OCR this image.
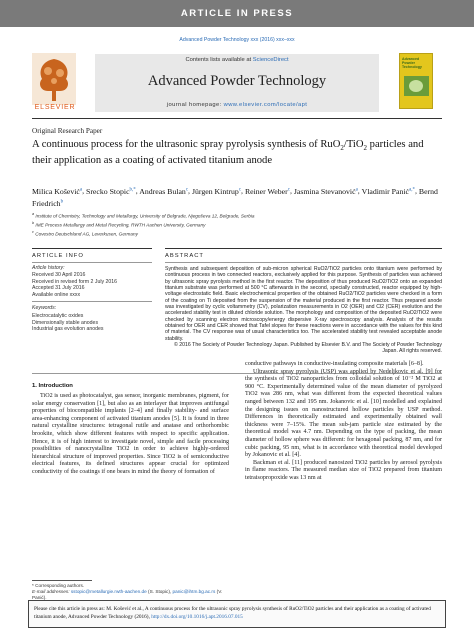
ARTICLE IN PRESS
Advanced Powder Technology xxx (2016) xxx–xxx
ELSEVIER
Contents lists available at ScienceDirect
Advanced Powder Technology
journal homepage: www.elsevier.com/locate/apt
Advanced Powder Technology
Original Research Paper
A continuous process for the ultrasonic spray pyrolysis synthesis of RuO$_2$/TiO$_2$ particles and their application as a coating of activated titanium anode
Milica Košević$^a$, Srecko Stopic$^{b,*}$, Andreas Bulan$^c$, Jürgen Kintrup$^c$, Reiner Weber$^c$, Jasmina Stevanović$^a$, Vladimir Panić$^{a,*}$, Bernd Friedrich$^b$
$^a$ Institute of Chemistry, Technology and Metallurgy, University of Belgrade, Njegoševa 12, Belgrade, Serbia
$^b$ IME Process Metallurgy and Metal Recycling, RWTH Aachen University, Germany
$^c$ Covestro Deutschland AG, Leverkusen, Germany
ARTICLE INFO	ABSTRACT
Article history:
Received 30 April 2016
Received in revised form 2 July 2016
Accepted 31 July 2016
Available online xxxx
Keywords:
Electrocatalytic oxides
Dimensionally stable anodes
Industrial gas evolution anodes

Synthesis and subsequent deposition of sub-micron spherical RuO2/TiO2 particles onto titanium were performed by continuous process in two connected reactors, exclusively applied for this purpose. Synthesis of particles was achieved by ultrasonic spray pyrolysis method in the first reactor. The deposition of thus produced RuO2/TiO2 onto an expanded titanium substrate was performed at 500 °C afterwards in the second, specially constructed, reactor equipped by high-voltage electrostatic field. Basic electrochemical properties of the obtained RuO2/TiO2 particles were checked in a form of the coating on Ti deposited from the suspension of the material produced in the first reactor. Thus prepared anode was investigated by cyclic voltammetry (CV), polarization measurements in O2 (OER) and Cl2 (CER) evolution and the accelerated stability test in diluted chloride solution. The morphology and composition of the deposited RuO2/TiO2 were checked by scanning electron microscopy/energy dispersive X-ray spectroscopy analysis. Analysis of the results obtained for OER and CER showed that Tafel slopes for these reactions were in accordance with the values for this kind of material. The CV response was of usual characteristics too. The accelerated stability test revealed acceptable anode stability.

© 2016 The Society of Powder Technology Japan. Published by Elsevier B.V. and The Society of Powder Technology Japan. All rights reserved.

1. Introduction

TiO2 is used as photocatalyst, gas sensor, inorganic membranes, pigment, for solar energy conservation [1], but also as an interlayer that improves antifungal properties of biocompatible implants [2–4] and finally stability- and surface area-enhancing component of activated titanium anodes [5]. It is found in three natural crystalline structures: tetragonal rutile and anatase and orthorhombic brookite, which show different features with respect to specific application. Hence, it is of high interest to investigate novel, simple and facile processing possibilities of nanocrystalline TiO2 in order to achieve highly-ordered hierarchical structure of improved properties. Since TiO2 is of semiconductive electrical features, its defined structures appear crucial for optimized conductivity of the coatings if one bears in mind the theory of formation of

conductive pathways in conductive-insulating composite materials [6–8].

Ultrasonic spray pyrolysis (USP) was applied by Nedeljkovic et al. [9] for the synthesis of TiO2 nanoparticles from colloidal solution of 10⁻² M TiO2 at 900 °C. Experimentally determined value of the mean diameter of pyrolyzed TiO2 was 286 nm, what was different from the expected theoretical values ranged between 132 and 195 nm. Jokanovic et al. [10] modelled and explained the designing issues on nanostructured hollow particles by USP method. Differences in theoretically estimated and experimentally obtained wall thickness were 7–15%. The mean sub-jam particle size estimated by the theoretical model was 4.7 nm. Depending on the type of packing, the mean diameter of hollow sphere was different: for hexagonal packing, 87 nm, and for cubic packing, 95 nm, what is in accordance with theoretical model developed by Jokanovic et al. [4].

Backman et al. [11] produced nanosized TiO2 particles by aerosol pyrolysis in flame reactors. The measured median size of TiO2 prepared from titanium tetraisopropoxide was 13 nm at

* Corresponding authors.
E-mail addresses: sstopic@metallurgie.rwth-aachen.de (S. Stopic), panic@ihtm.bg.ac.rs (V. Panić).
Please cite this article in press as: M. Košević et al., A continuous process for the ultrasonic spray pyrolysis synthesis of RuO2/TiO2 particles and their application as a coating of activated titanium anode, Advanced Powder Technology (2016), http://dx.doi.org/10.1016/j.apt.2016.07.015
